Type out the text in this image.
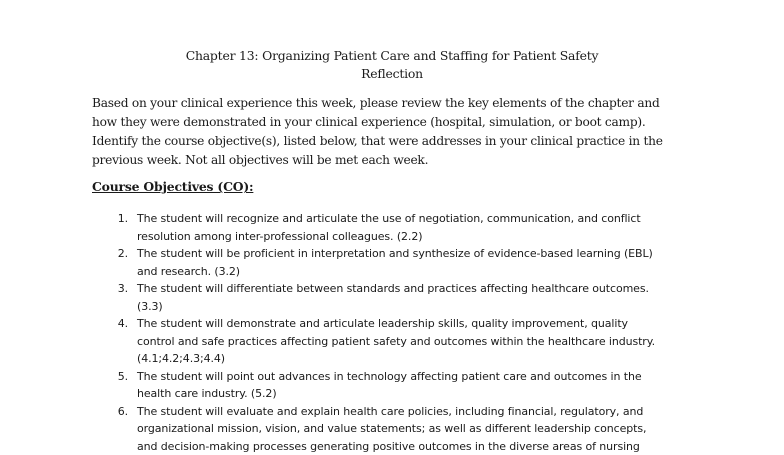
Chapter 13: Organizing Patient Care and Staffing for Patient Safety
Reflection
Based on your clinical experience this week, please review the key elements of the chapter and
how they were demonstrated in your clinical experience (hospital, simulation, or boot camp).
Identify the course objective(s), listed below, that were addresses in your clinical practice in the
previous week. Not all objectives will be met each week.
Course Objectives (CO):
1. The student will recognize and articulate the use of negotiation, communication, and conflict
resolution among inter-professional colleagues. (2.2)
2. The student will be proficient in interpretation and synthesize of evidence-based learning (EBL)
and research. (3.2)
3. The student will differentiate between standards and practices affecting healthcare outcomes.
(3.3)
4. The student will demonstrate and articulate leadership skills, quality improvement, quality
control and safe practices affecting patient safety and outcomes within the healthcare industry.
(4.1;4.2;4.3;4.4)
5. The student will point out advances in technology affecting patient care and outcomes in the
health care industry. (5.2)
6. The student will evaluate and explain health care policies, including financial, regulatory, and
organizational mission, vision, and value statements; as well as different leadership concepts,
and decision-making processes generating positive outcomes in the diverse areas of nursing
